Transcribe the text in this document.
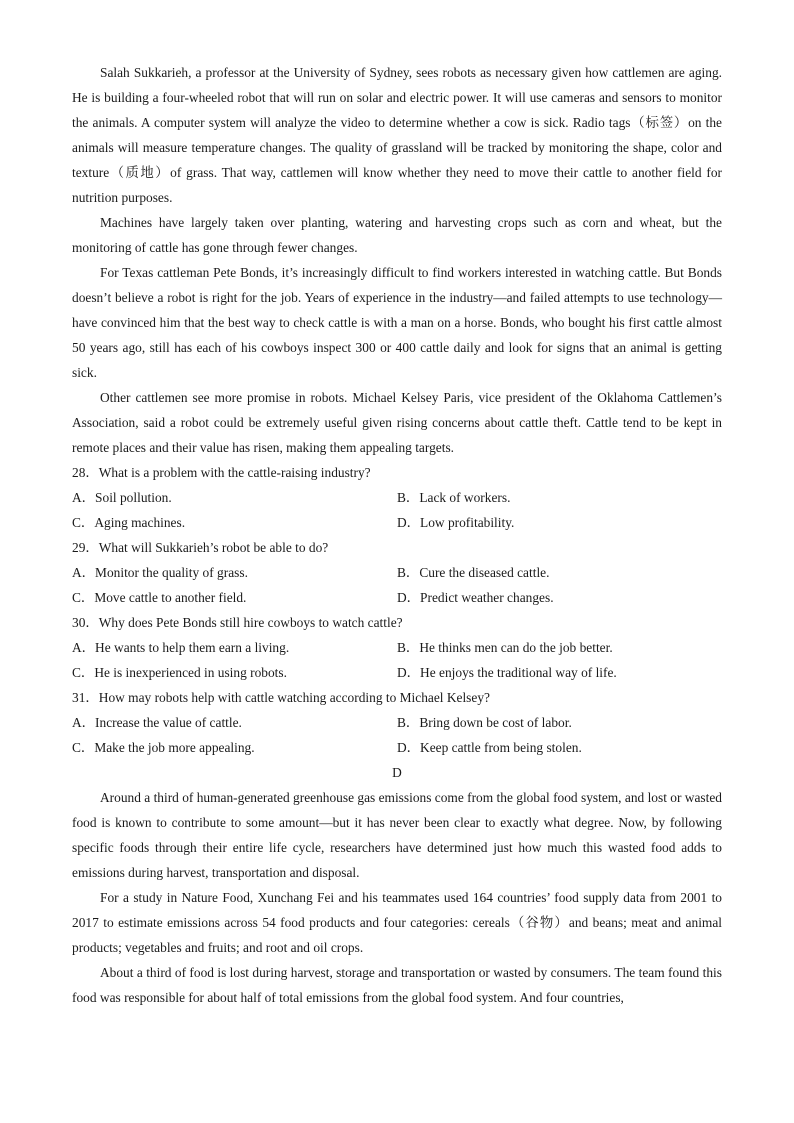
Salah Sukkarieh, a professor at the University of Sydney, sees robots as necessary given how cattlemen are aging. He is building a four-wheeled robot that will run on solar and electric power. It will use cameras and sensors to monitor the animals. A computer system will analyze the video to determine whether a cow is sick. Radio tags（标签）on the animals will measure temperature changes. The quality of grassland will be tracked by monitoring the shape, color and texture（质地）of grass. That way, cattlemen will know whether they need to move their cattle to another field for nutrition purposes.

Machines have largely taken over planting, watering and harvesting crops such as corn and wheat, but the monitoring of cattle has gone through fewer changes.

For Texas cattleman Pete Bonds, it’s increasingly difficult to find workers interested in watching cattle. But Bonds doesn’t believe a robot is right for the job. Years of experience in the industry—and failed attempts to use technology—have convinced him that the best way to check cattle is with a man on a horse. Bonds, who bought his first cattle almost 50 years ago, still has each of his cowboys inspect 300 or 400 cattle daily and look for signs that an animal is getting sick.

Other cattlemen see more promise in robots. Michael Kelsey Paris, vice president of the Oklahoma Cattlemen’s Association, said a robot could be extremely useful given rising concerns about cattle theft. Cattle tend to be kept in remote places and their value has risen, making them appealing targets.

28．What is a problem with the cattle-raising industry?

A．Soil pollution.	B．Lack of workers.
C．Aging machines.	D．Low profitability.

29．What will Sukkarieh’s robot be able to do?

A．Monitor the quality of grass.	B．Cure the diseased cattle.
C．Move cattle to another field.	D．Predict weather changes.

30．Why does Pete Bonds still hire cowboys to watch cattle?

A．He wants to help them earn a living.	B．He thinks men can do the job better.
C．He is inexperienced in using robots.	D．He enjoys the traditional way of life.

31．How may robots help with cattle watching according to Michael Kelsey?

A．Increase the value of cattle.	B．Bring down be cost of labor.
C．Make the job more appealing.	D．Keep cattle from being stolen.

D

Around a third of human-generated greenhouse gas emissions come from the global food system, and lost or wasted food is known to contribute to some amount—but it has never been clear to exactly what degree. Now, by following specific foods through their entire life cycle, researchers have determined just how much this wasted food adds to emissions during harvest, transportation and disposal.

For a study in Nature Food, Xunchang Fei and his teammates used 164 countries’ food supply data from 2001 to 2017 to estimate emissions across 54 food products and four categories: cereals（谷物）and beans; meat and animal products; vegetables and fruits; and root and oil crops.

About a third of food is lost during harvest, storage and transportation or wasted by consumers. The team found this food was responsible for about half of total emissions from the global food system. And four countries,
